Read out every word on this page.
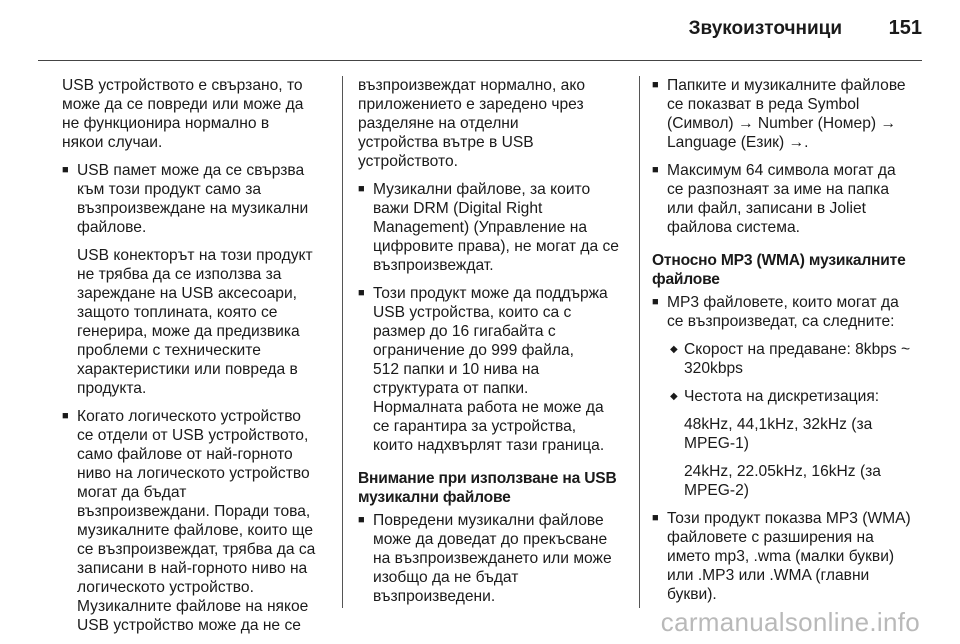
Звукоизточници 151
USB устройството е свързано, то
може да се повреди или може да
не функционира нормално в
някои случаи.
■ USB памет може да се свързва
към този продукт само за
възпроизвеждане на музикални
файлове.
USB конекторът на този продукт
не трябва да се използва за
зареждане на USB аксесоари,
защото топлината, която се
генерира, може да предизвика
проблеми с техническите
характеристики или повреда в
продукта.
■ Когато логическото устройство
се отдели от USB устройството,
само файлове от най-горното
ниво на логическото устройство
могат да бъдат
възпроизвеждани. Поради това,
музикалните файлове, които ще
се възпроизвеждат, трябва да са
записани в най-горното ниво на
логическото устройство.
Музикалните файлове на някое
USB устройство може да не се
възпроизвеждат нормално, ако
приложението е заредено чрез
разделяне на отделни
устройства вътре в USB
устройството.
■ Музикални файлове, за които
важи DRM (Digital Right
Management) (Управление на
цифровите права), не могат да се
възпроизвеждат.
■ Този продукт може да поддържа
USB устройства, които са с
размер до 16 гигабайта с
ограничение до 999 файла,
512 папки и 10 нива на
структурата от папки.
Нормалната работа не може да
се гарантира за устройства,
които надхвърлят тази граница.
Внимание при използване на USB
музикални файлове
■ Повредени музикални файлове
може да доведат до прекъсване
на възпроизвеждането или може
изобщо да не бъдат
възпроизведени.
■ Папките и музикалните файлове
се показват в реда Symbol
(Символ) → Number (Номер) →
Language (Език) →.
■ Максимум 64 символа могат да
се разпознаят за име на папка
или файл, записани в Joliet
файлова система.
Относно MP3 (WMA) музикалните
файлове
■ MP3 файловете, които могат да
се възпроизведат, са следните:
◆ Скорост на предаване: 8kbps ~
320kbps
◆ Честота на дискретизация:
48kHz, 44,1kHz, 32kHz (за
MPEG-1)
24kHz, 22.05kHz, 16kHz (за
MPEG-2)
■ Този продукт показва MP3 (WMA)
файловете с разширения на
името mp3, .wma (малки букви)
или .MP3 или .WMA (главни
букви).
carmanualsonline.info
